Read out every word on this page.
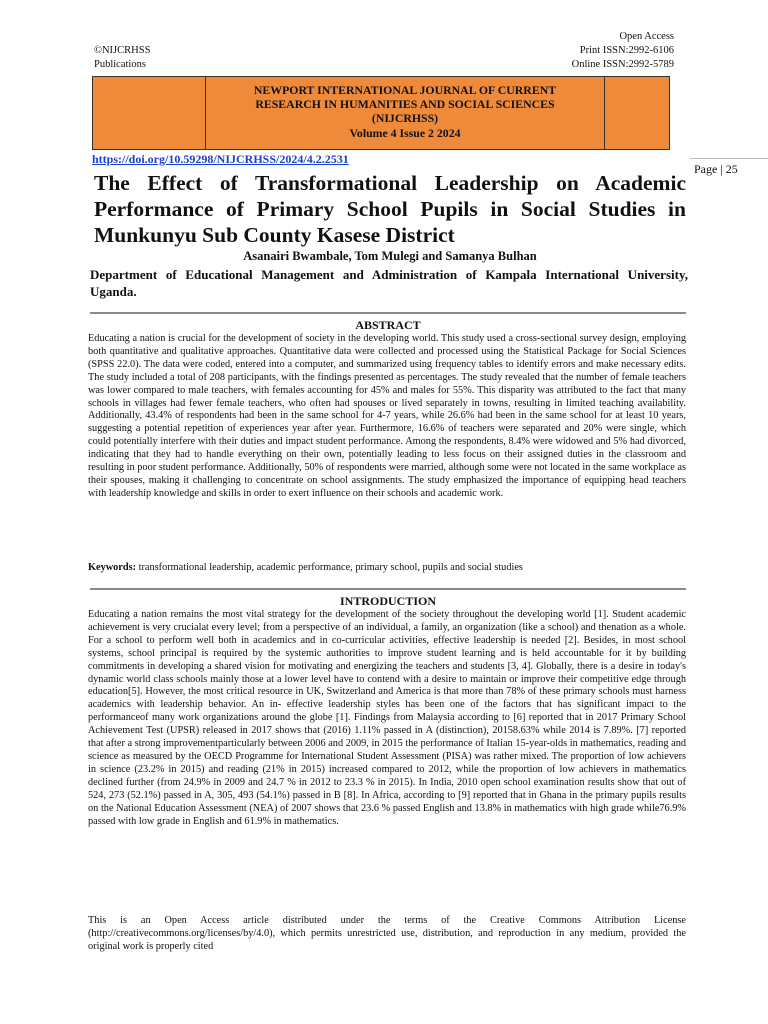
©NIJCRHSS
Publications
Open Access
Print ISSN:2992-6106
Online ISSN:2992-5789
NEWPORT INTERNATIONAL JOURNAL OF CURRENT
RESEARCH IN HUMANITIES AND SOCIAL SCIENCES
(NIJCRHSS)
Volume 4 Issue 2 2024
https://doi.org/10.59298/NIJCRHSS/2024/4.2.2531
Page | 25
The Effect of Transformational Leadership on Academic Performance of Primary School Pupils in Social Studies in Munkunyu Sub County Kasese District
Asanairi Bwambale, Tom Mulegi and Samanya Bulhan
Department of Educational Management and Administration of Kampala International University, Uganda.
ABSTRACT

Educating a nation is crucial for the development of society in the developing world. This study used a cross-sectional survey design, employing both quantitative and qualitative approaches. Quantitative data were collected and processed using the Statistical Package for Social Sciences (SPSS 22.0). The data were coded, entered into a computer, and summarized using frequency tables to identify errors and make necessary edits. The study included a total of 208 participants, with the findings presented as percentages. The study revealed that the number of female teachers was lower compared to male teachers, with females accounting for 45% and males for 55%. This disparity was attributed to the fact that many schools in villages had fewer female teachers, who often had spouses or lived separately in towns, resulting in limited teaching availability. Additionally, 43.4% of respondents had been in the same school for 4-7 years, while 26.6% had been in the same school for at least 10 years, suggesting a potential repetition of experiences year after year. Furthermore, 16.6% of teachers were separated and 20% were single, which could potentially interfere with their duties and impact student performance. Among the respondents, 8.4% were widowed and 5% had divorced, indicating that they had to handle everything on their own, potentially leading to less focus on their assigned duties in the classroom and resulting in poor student performance. Additionally, 50% of respondents were married, although some were not located in the same workplace as their spouses, making it challenging to concentrate on school assignments. The study emphasized the importance of equipping head teachers with leadership knowledge and skills in order to exert influence on their schools and academic work.

Keywords: transformational leadership, academic performance, primary school, pupils and social studies
INTRODUCTION

Educating a nation remains the most vital strategy for the development of the society throughout the developing world [1]. Student academic achievement is very crucialat every level; from a perspective of an individual, a family, an organization (like a school) and thenation as a whole. For a school to perform well both in academics and in co-curricular activities, effective leadership is needed [2]. Besides, in most school systems, school principal is required by the systemic authorities to improve student learning and is held accountable for it by building commitments in developing a shared vision for motivating and energizing the teachers and students [3, 4]. Globally, there is a desire in today's dynamic world class schools mainly those at a lower level have to contend with a desire to maintain or improve their competitive edge through education[5]. However, the most critical resource in UK, Switzerland and America is that more than 78% of these primary schools must harness academics with leadership behavior. An in- effective leadership styles has been one of the factors that has significant impact to the performanceof many work organizations around the globe [1]. Findings from Malaysia according to [6] reported that in 2017 Primary School Achievement Test (UPSR) released in 2017 shows that (2016) 1.11% passed in A (distinction), 20158.63% while 2014 is 7.89%. [7] reported that after a strong improvementparticularly between 2006 and 2009, in 2015 the performance of Italian 15-year-olds in mathematics, reading and science as measured by the OECD Programme for International Student Assessment (PISA) was rather mixed. The proportion of low achievers in science (23.2% in 2015) and reading (21% in 2015) increased compared to 2012, while the proportion of low achievers in mathematics declined further (from 24.9% in 2009 and 24.7 % in 2012 to 23.3 % in 2015). In India, 2010 open school examination results show that out of 524, 273 (52.1%) passed in A, 305, 493 (54.1%) passed in B [8]. In Africa, according to [9] reported that in Ghana in the primary pupils results on the National Education Assessment (NEA) of 2007 shows that 23.6 % passed English and 13.8% in mathematics with high grade while76.9% passed with low grade in English and 61.9% in mathematics.

This is an Open Access article distributed under the terms of the Creative Commons Attribution License (http://creativecommons.org/licenses/by/4.0), which permits unrestricted use, distribution, and reproduction in any medium, provided the original work is properly cited
